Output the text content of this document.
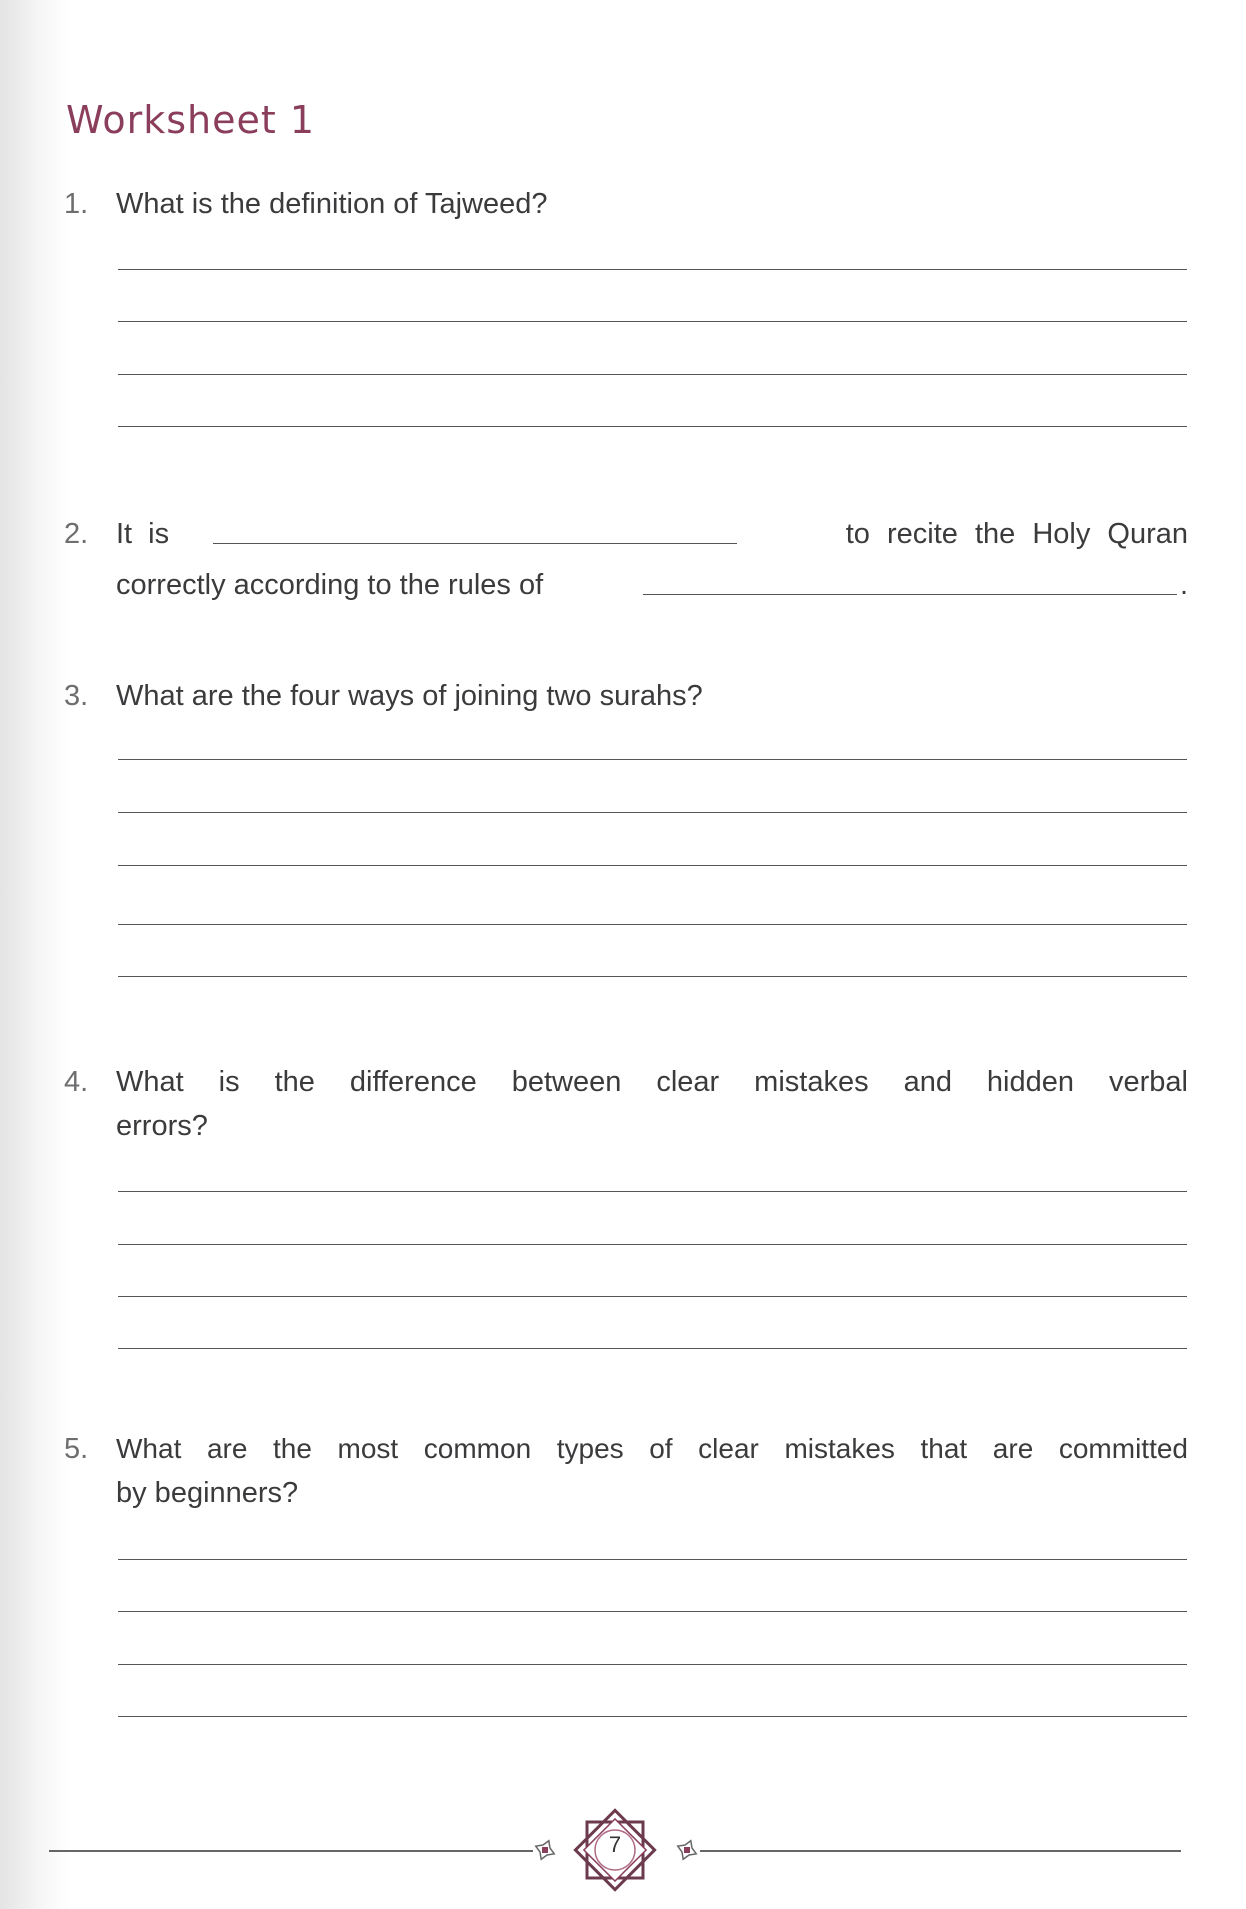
Worksheet 1
1. What is the definition of Tajweed?
2. It is	to recite the Holy Quran
correctly according to the rules of	.
3. What are the four ways of joining two surahs?
4. What is the difference between clear mistakes and hidden verbal
errors?
5. What are the most common types of clear mistakes that are committed
by beginners?
7
